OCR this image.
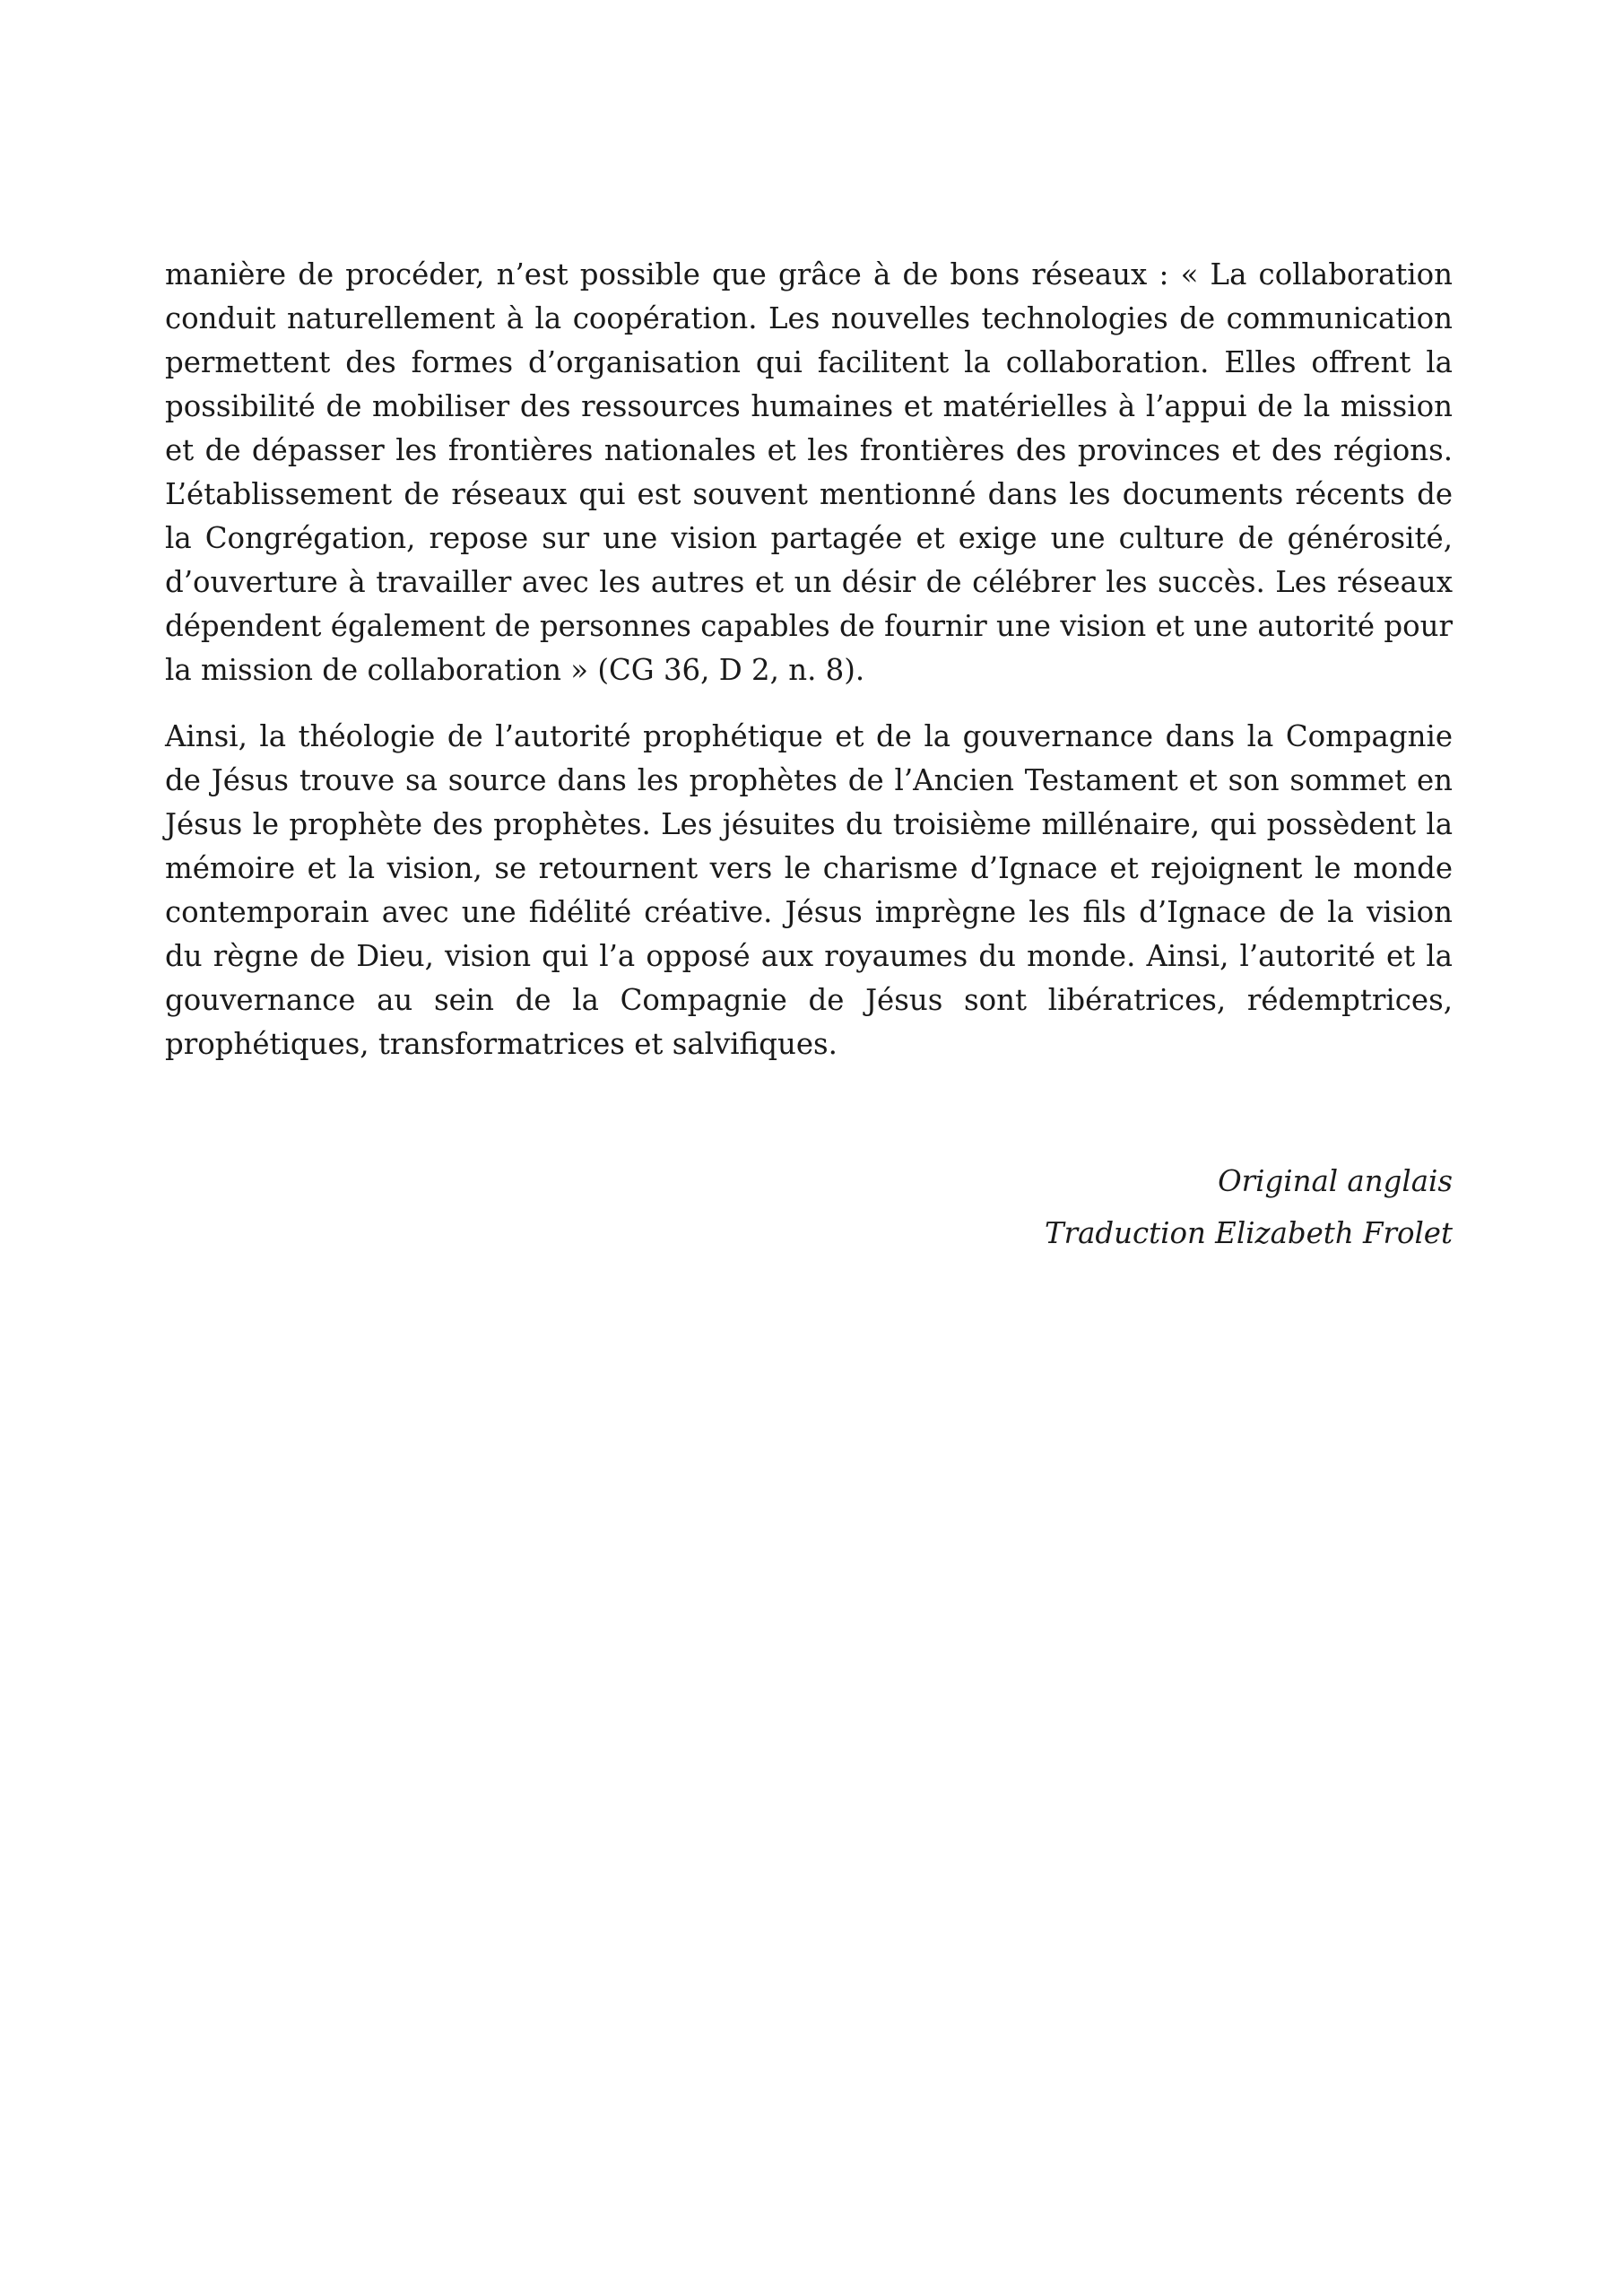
manière de procéder, n’est possible que grâce à de bons réseaux : « La collaboration conduit naturellement à la coopération. Les nouvelles technologies de communication permettent des formes d’organisation qui facilitent la collaboration. Elles offrent la possibilité de mobiliser des ressources humaines et matérielles à l’appui de la mission et de dépasser les frontières nationales et les frontières des provinces et des régions. L’établissement de réseaux qui est souvent mentionné dans les documents récents de la Congrégation, repose sur une vision partagée et exige une culture de générosité, d’ouverture à travailler avec les autres et un désir de célébrer les succès. Les réseaux dépendent également de personnes capables de fournir une vision et une autorité pour la mission de collaboration » (CG 36, D 2, n. 8).

Ainsi, la théologie de l’autorité prophétique et de la gouvernance dans la Compagnie de Jésus trouve sa source dans les prophètes de l’Ancien Testament et son sommet en Jésus le prophète des prophètes. Les jésuites du troisième millénaire, qui possèdent la mémoire et la vision, se retournent vers le charisme d’Ignace et rejoignent le monde contemporain avec une fidélité créative. Jésus imprègne les fils d’Ignace de la vision du règne de Dieu, vision qui l’a opposé aux royaumes du monde. Ainsi, l’autorité et la gouvernance au sein de la Compagnie de Jésus sont libératrices, rédemptrices, prophétiques, transformatrices et salvifiques.

Original anglais
Traduction Elizabeth Frolet
